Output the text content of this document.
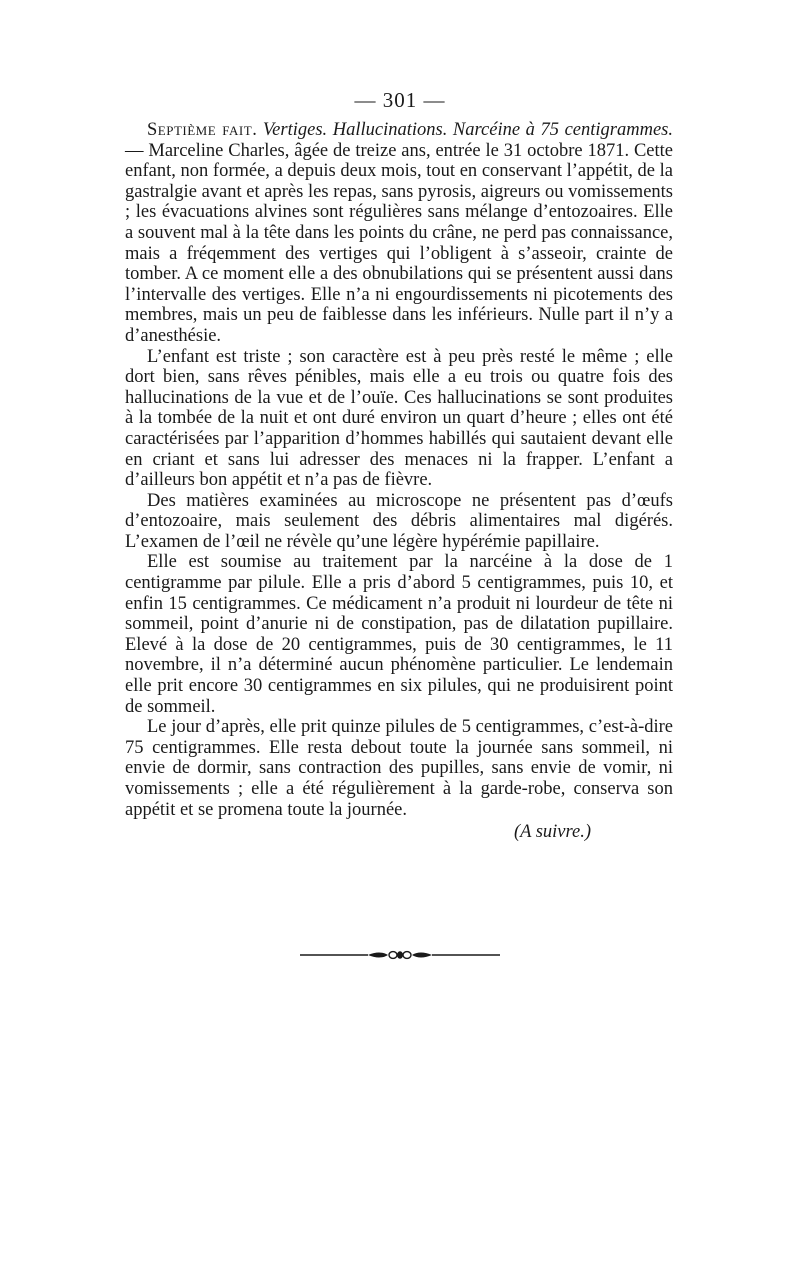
— 301 —

Septième fait. Vertiges. Hallucinations. Narcéine à 75 centigrammes. — Marceline Charles, âgée de treize ans, entrée le 31 octobre 1871. Cette enfant, non formée, a depuis deux mois, tout en conservant l’appétit, de la gastralgie avant et après les repas, sans pyrosis, aigreurs ou vomissements ; les évacuations alvines sont régulières sans mélange d’entozoaires. Elle a souvent mal à la tête dans les points du crâne, ne perd pas connaissance, mais a fréqemment des vertiges qui l’obligent à s’asseoir, crainte de tomber. A ce moment elle a des obnubilations qui se présentent aussi dans l’intervalle des vertiges. Elle n’a ni engourdissements ni picotements des membres, mais un peu de faiblesse dans les inférieurs. Nulle part il n’y a d’anesthésie.

L’enfant est triste ; son caractère est à peu près resté le même ; elle dort bien, sans rêves pénibles, mais elle a eu trois ou quatre fois des hallucinations de la vue et de l’ouïe. Ces hallucinations se sont produites à la tombée de la nuit et ont duré environ un quart d’heure ; elles ont été caractérisées par l’apparition d’hommes habillés qui sautaient devant elle en criant et sans lui adresser des menaces ni la frapper. L’enfant a d’ailleurs bon appétit et n’a pas de fièvre.

Des matières examinées au microscope ne présentent pas d’œufs d’entozoaire, mais seulement des débris alimentaires mal digérés. L’examen de l’œil ne révèle qu’une légère hypérémie papillaire.

Elle est soumise au traitement par la narcéine à la dose de 1 centigramme par pilule. Elle a pris d’abord 5 centigrammes, puis 10, et enfin 15 centigrammes. Ce médicament n’a produit ni lourdeur de tête ni sommeil, point d’anurie ni de constipation, pas de dilatation pupillaire. Elevé à la dose de 20 centigrammes, puis de 30 centigrammes, le 11 novembre, il n’a déterminé aucun phénomène particulier. Le lendemain elle prit encore 30 centigrammes en six pilules, qui ne produisirent point de sommeil.

Le jour d’après, elle prit quinze pilules de 5 centigrammes, c’est-à-dire 75 centigrammes. Elle resta debout toute la journée sans sommeil, ni envie de dormir, sans contraction des pupilles, sans envie de vomir, ni vomissements ; elle a été régulièrement à la garde-robe, conserva son appétit et se promena toute la journée.

(A suivre.)
